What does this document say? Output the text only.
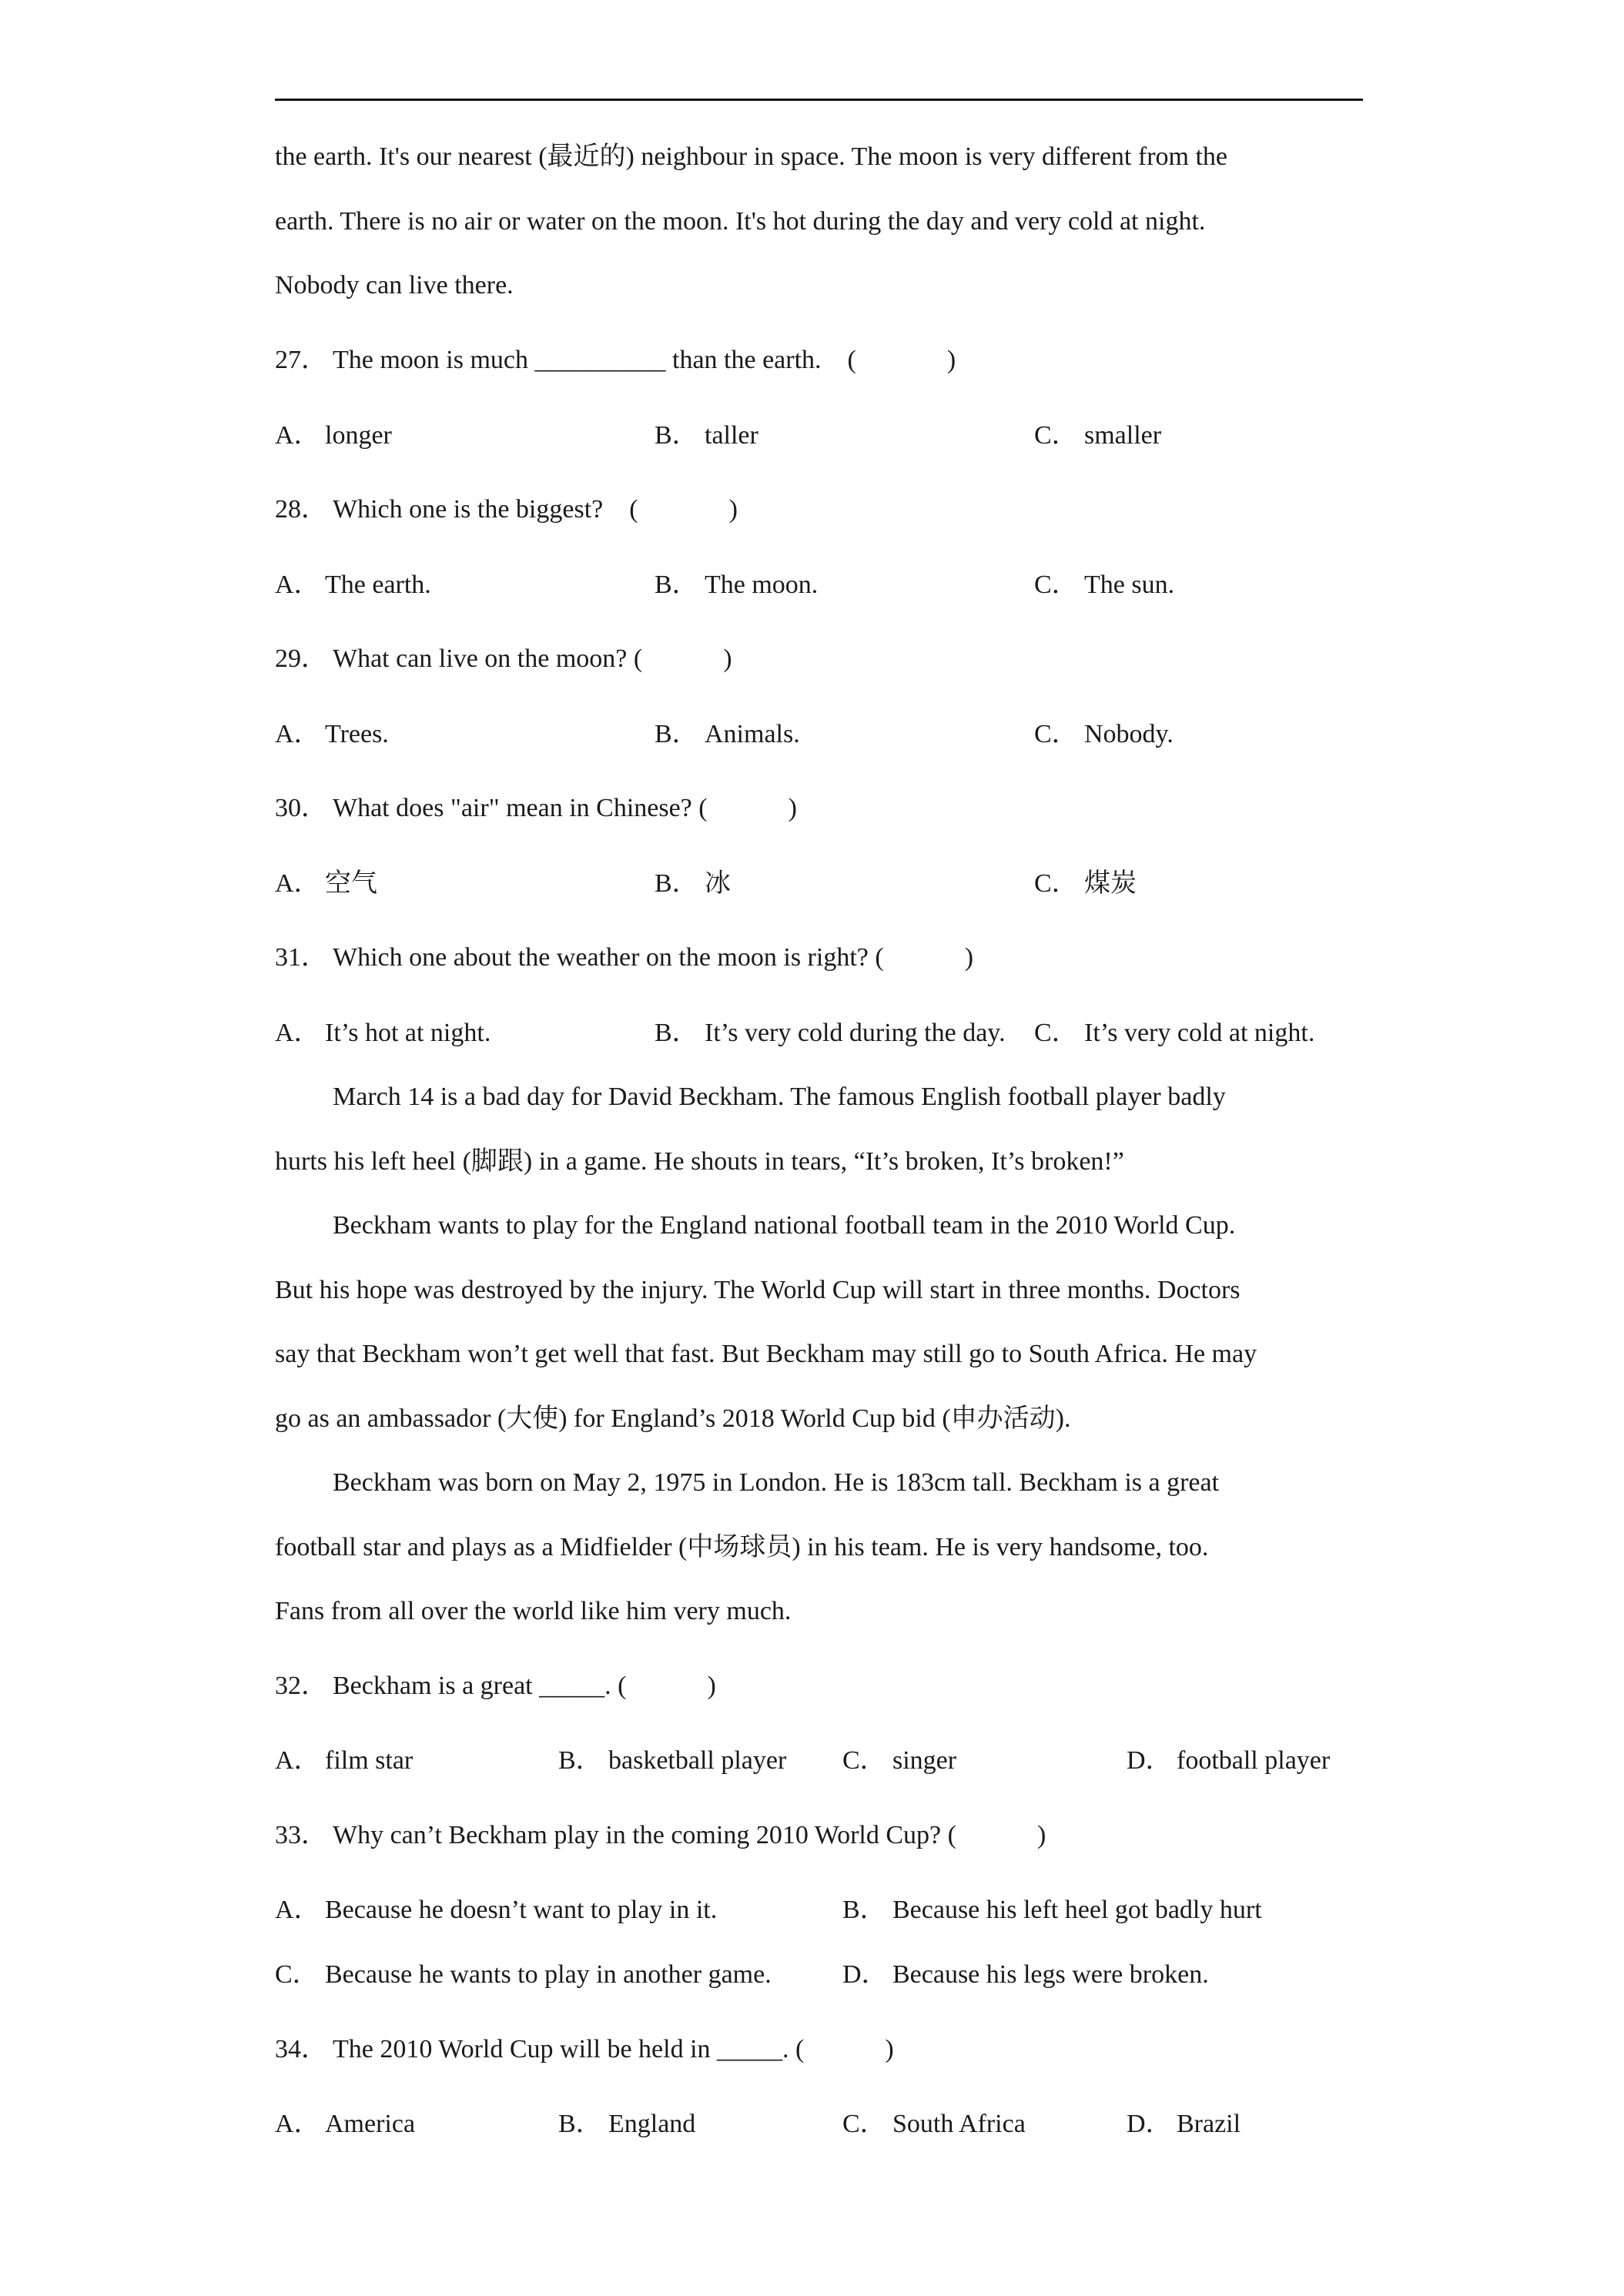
the earth. It's our nearest (最近的) neighbour in space. The moon is very different from the
earth. There is no air or water on the moon. It's hot during the day and very cold at night.
Nobody can live there.
27． The moon is much __________ than the earth. (	)
A． longer	B． taller	C． smaller
28． Which one is the biggest? (	)
A． The earth.	B． The moon.	C． The sun.
29． What can live on the moon? (	)
A． Trees.	B． Animals.	C． Nobody.
30． What does "air" mean in Chinese? (	)
A． 空气	B． 冰	C． 煤炭
31． Which one about the weather on the moon is right? (	)
A． It’s hot at night.	B． It’s very cold during the day. C． It’s very cold at night.
March 14 is a bad day for David Beckham. The famous English football player badly
hurts his left heel (脚跟) in a game. He shouts in tears, “It’s broken, It’s broken!”
Beckham wants to play for the England national football team in the 2010 World Cup.
But his hope was destroyed by the injury. The World Cup will start in three months. Doctors
say that Beckham won’t get well that fast. But Beckham may still go to South Africa. He may
go as an ambassador (大使) for England’s 2018 World Cup bid (申办活动).
Beckham was born on May 2, 1975 in London. He is 183cm tall. Beckham is a great
football star and plays as a Midfielder (中场球员) in his team. He is very handsome, too.
Fans from all over the world like him very much.
32． Beckham is a great _____. (	)
A． film star	B． basketball player C． singer	D． football player
33． Why can’t Beckham play in the coming 2010 World Cup? (	)
A． Because he doesn’t want to play in it.	B． Because his left heel got badly hurt
C． Because he wants to play in another game.	D． Because his legs were broken.
34． The 2010 World Cup will be held in _____. (	)
A． America	B． England	C． South Africa	D． Brazil
